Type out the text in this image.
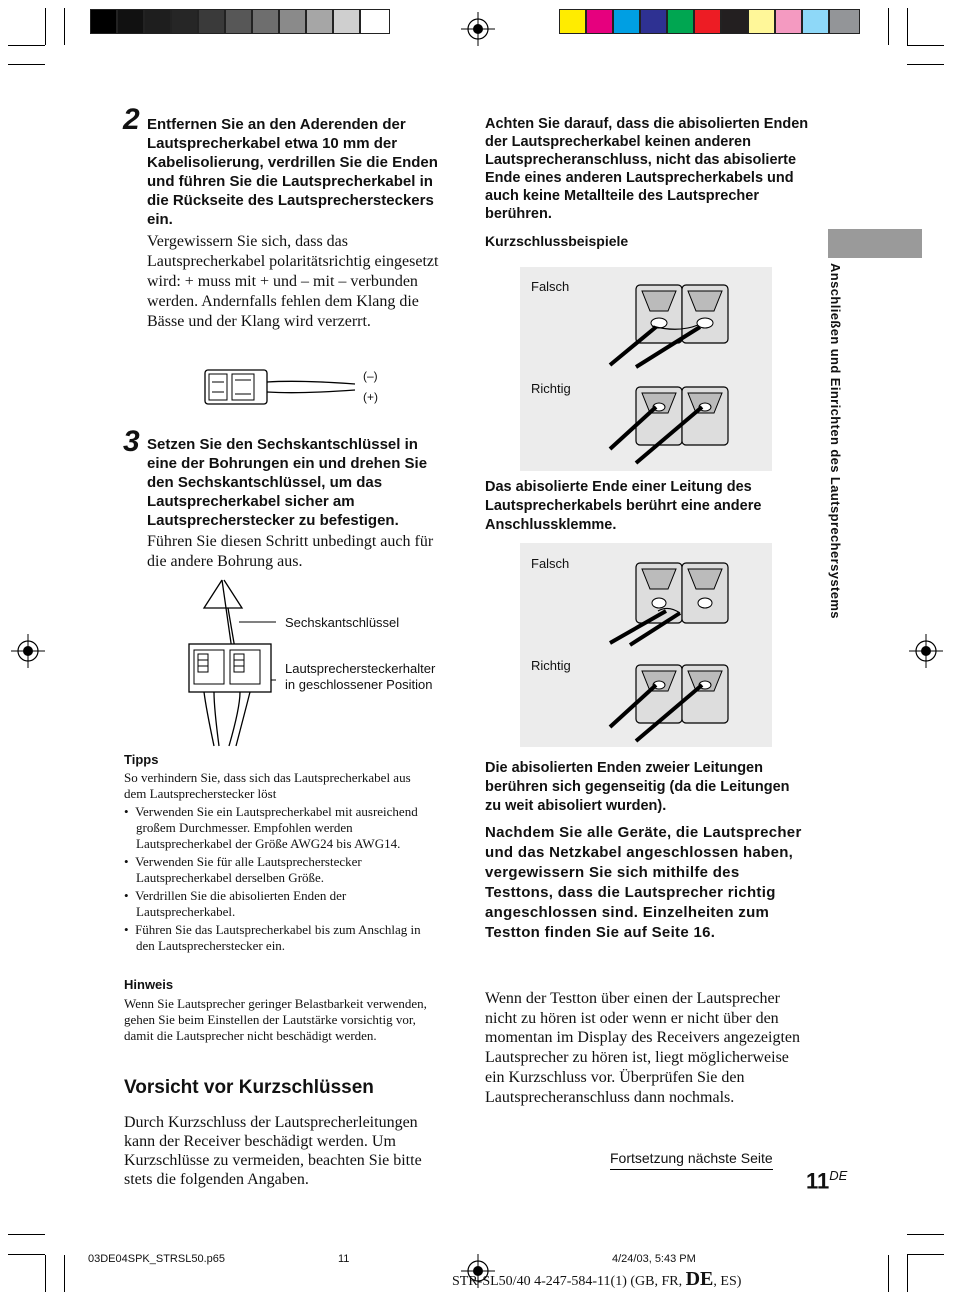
2 Entfernen Sie an den Aderenden der Lautsprecherkabel etwa 10 mm der Kabelisolierung, verdrillen Sie die Enden und führen Sie die Lautsprecherkabel in die Rückseite des Lautsprechersteckers ein.
Vergewissern Sie sich, dass das Lautsprecherkabel polaritätsrichtig eingesetzt wird: + muss mit + und – mit – verbunden werden. Andernfalls fehlen dem Klang die Bässe und der Klang wird verzerrt.
(–)
(+)
3 Setzen Sie den Sechskantschlüssel in eine der Bohrungen ein und drehen Sie den Sechskantschlüssel, um das Lautsprecherkabel sicher am Lautsprecherstecker zu befestigen.
Führen Sie diesen Schritt unbedingt auch für die andere Bohrung aus.
Sechskantschlüssel
Lautsprechersteckerhalter
in geschlossener Position
Tipps
So verhindern Sie, dass sich das Lautsprecherkabel aus dem Lautsprecherstecker löst
• Verwenden Sie ein Lautsprecherkabel mit ausreichend großem Durchmesser. Empfohlen werden Lautsprecherkabel der Größe AWG24 bis AWG14.
• Verwenden Sie für alle Lautsprecherstecker Lautsprecherkabel derselben Größe.
• Verdrillen Sie die abisolierten Enden der Lautsprecherkabel.
• Führen Sie das Lautsprecherkabel bis zum Anschlag in den Lautsprecherstecker ein.
Hinweis
Wenn Sie Lautsprecher geringer Belastbarkeit verwenden, gehen Sie beim Einstellen der Lautstärke vorsichtig vor, damit die Lautsprecher nicht beschädigt werden.
Vorsicht vor Kurzschlüssen
Durch Kurzschluss der Lautsprecherleitungen kann der Receiver beschädigt werden. Um Kurzschlüsse zu vermeiden, beachten Sie bitte stets die folgenden Angaben.
Achten Sie darauf, dass die abisolierten Enden der Lautsprecherkabel keinen anderen Lautsprecheranschluss, nicht das abisolierte Ende eines anderen Lautsprecherkabels und auch keine Metallteile des Lautsprecher berühren.
Kurzschlussbeispiele
Falsch
Richtig
Das abisolierte Ende einer Leitung des Lautsprecherkabels berührt eine andere Anschlussklemme.
Falsch
Richtig
Die abisolierten Enden zweier Leitungen berühren sich gegenseitig (da die Leitungen zu weit abisoliert wurden).
Nachdem Sie alle Geräte, die Lautsprecher und das Netzkabel angeschlossen haben, vergewissern Sie sich mithilfe des Testtons, dass die Lautsprecher richtig angeschlossen sind. Einzelheiten zum Testton finden Sie auf Seite 16.
Wenn der Testton über einen der Lautsprecher nicht zu hören ist oder wenn er nicht über den momentan im Display des Receivers angezeigten Lautsprecher zu hören ist, liegt möglicherweise ein Kurzschluss vor. Überprüfen Sie den Lautsprecheranschluss dann nochmals.
Fortsetzung nächste Seite
11DE
Anschließen und Einrichten des Lautsprechersystems
03DE04SPK_STRSL50.p65	11	4/24/03, 5:43 PM
STR-SL50/40 4-247-584-11(1) (GB, FR, DE, ES)
